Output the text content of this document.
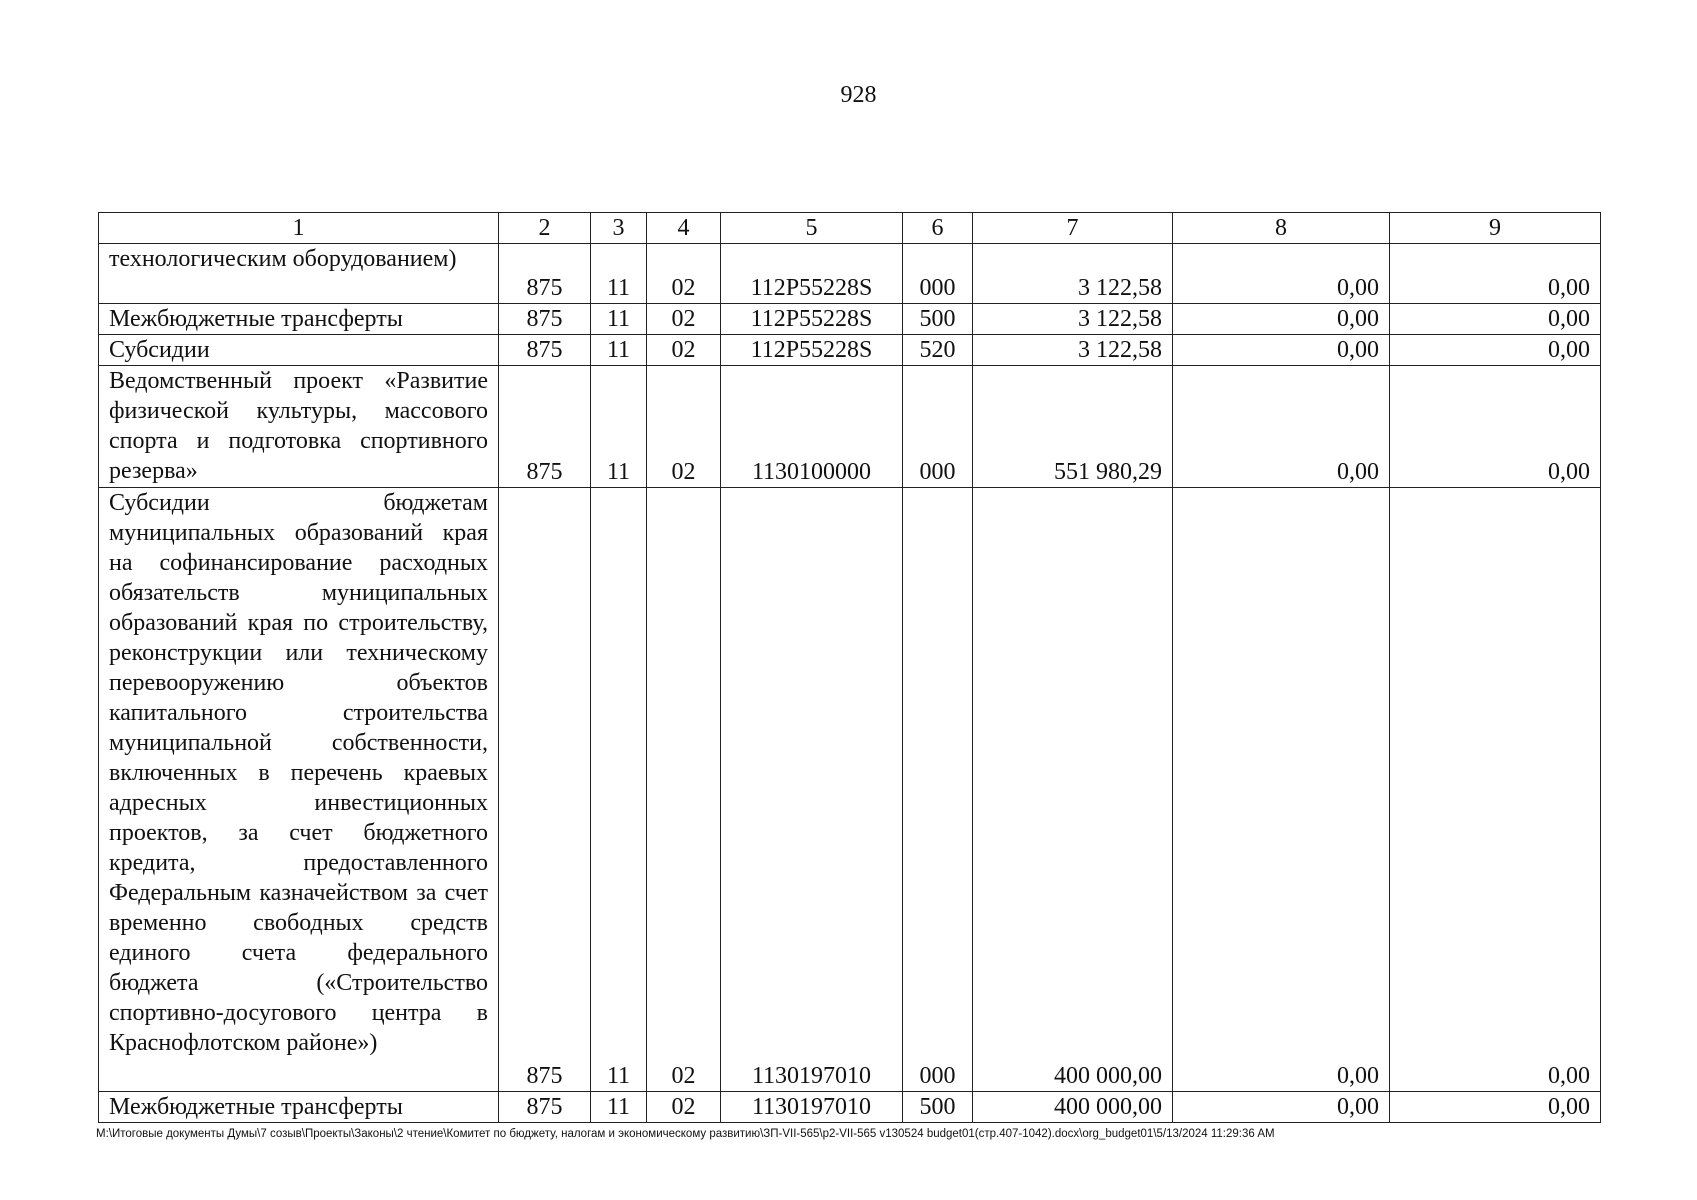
928
1	2	3	4	5	6	7	8	9
технологическим оборудованием)	875	11	02	112P55228S	000	3 122,58	0,00	0,00
Межбюджетные трансферты	875	11	02	112P55228S	500	3 122,58	0,00	0,00
Субсидии	875	11	02	112P55228S	520	3 122,58	0,00	0,00
Ведомственный проект «Развитие физической культуры, массового спорта и подготовка спортивного резерва»	875	11	02	1130100000	000	551 980,29	0,00	0,00
Субсидии бюджетам муниципальных образований края на софинансирование расходных обязательств муниципальных образований края по строительству, реконструкции или техническому перевооружению объектов капитального строительства муниципальной собственности, включенных в перечень краевых адресных инвестиционных проектов, за счет бюджетного кредита, предоставленного Федеральным казначейством за счет временно свободных средств единого счета федерального бюджета («Строительство спортивно-досугового центра в Краснофлотском районе»)	875	11	02	1130197010	000	400 000,00	0,00	0,00
Межбюджетные трансферты	875	11	02	1130197010	500	400 000,00	0,00	0,00
M:\Итоговые документы Думы\7 созыв\Проекты\Законы\2 чтение\Комитет по бюджету, налогам и экономическому развитию\ЗП-VII-565\p2-VII-565 v130524 budget01(стр.407-1042).docx\org_budget01\5/13/2024 11:29:36 AM
